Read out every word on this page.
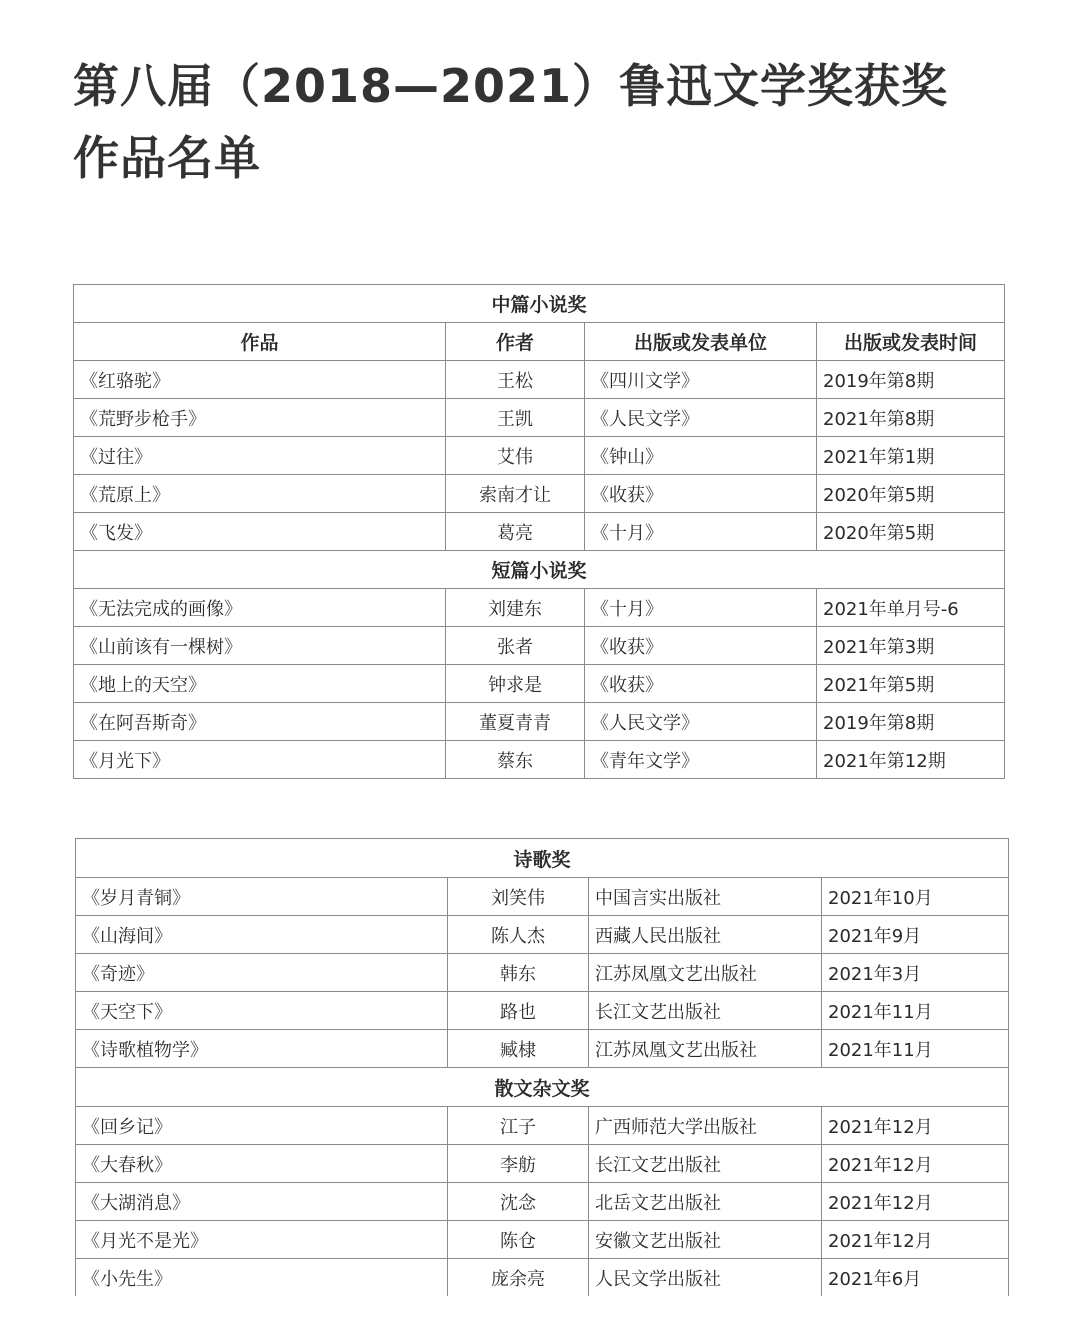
第八届（2018—2021）鲁迅文学奖获奖作品名单
中篇小说奖			
作品	作者	出版或发表单位	出版或发表时间
《红骆驼》	王松	《四川文学》	2019年第8期
《荒野步枪手》	王凯	《人民文学》	2021年第8期
《过往》	艾伟	《钟山》	2021年第1期
《荒原上》	索南才让	《收获》	2020年第5期
《飞发》	葛亮	《十月》	2020年第5期
短篇小说奖			
《无法完成的画像》	刘建东	《十月》	2021年单月号-6
《山前该有一棵树》	张者	《收获》	2021年第3期
《地上的天空》	钟求是	《收获》	2021年第5期
《在阿吾斯奇》	董夏青青	《人民文学》	2019年第8期
《月光下》	蔡东	《青年文学》	2021年第12期
诗歌奖			
《岁月青铜》	刘笑伟	中国言实出版社	2021年10月
《山海间》	陈人杰	西藏人民出版社	2021年9月
《奇迹》	韩东	江苏凤凰文艺出版社	2021年3月
《天空下》	路也	长江文艺出版社	2021年11月
《诗歌植物学》	臧棣	江苏凤凰文艺出版社	2021年11月
散文杂文奖			
《回乡记》	江子	广西师范大学出版社	2021年12月
《大春秋》	李舫	长江文艺出版社	2021年12月
《大湖消息》	沈念	北岳文艺出版社	2021年12月
《月光不是光》	陈仓	安徽文艺出版社	2021年12月
《小先生》	庞余亮	人民文学出版社	2021年6月
